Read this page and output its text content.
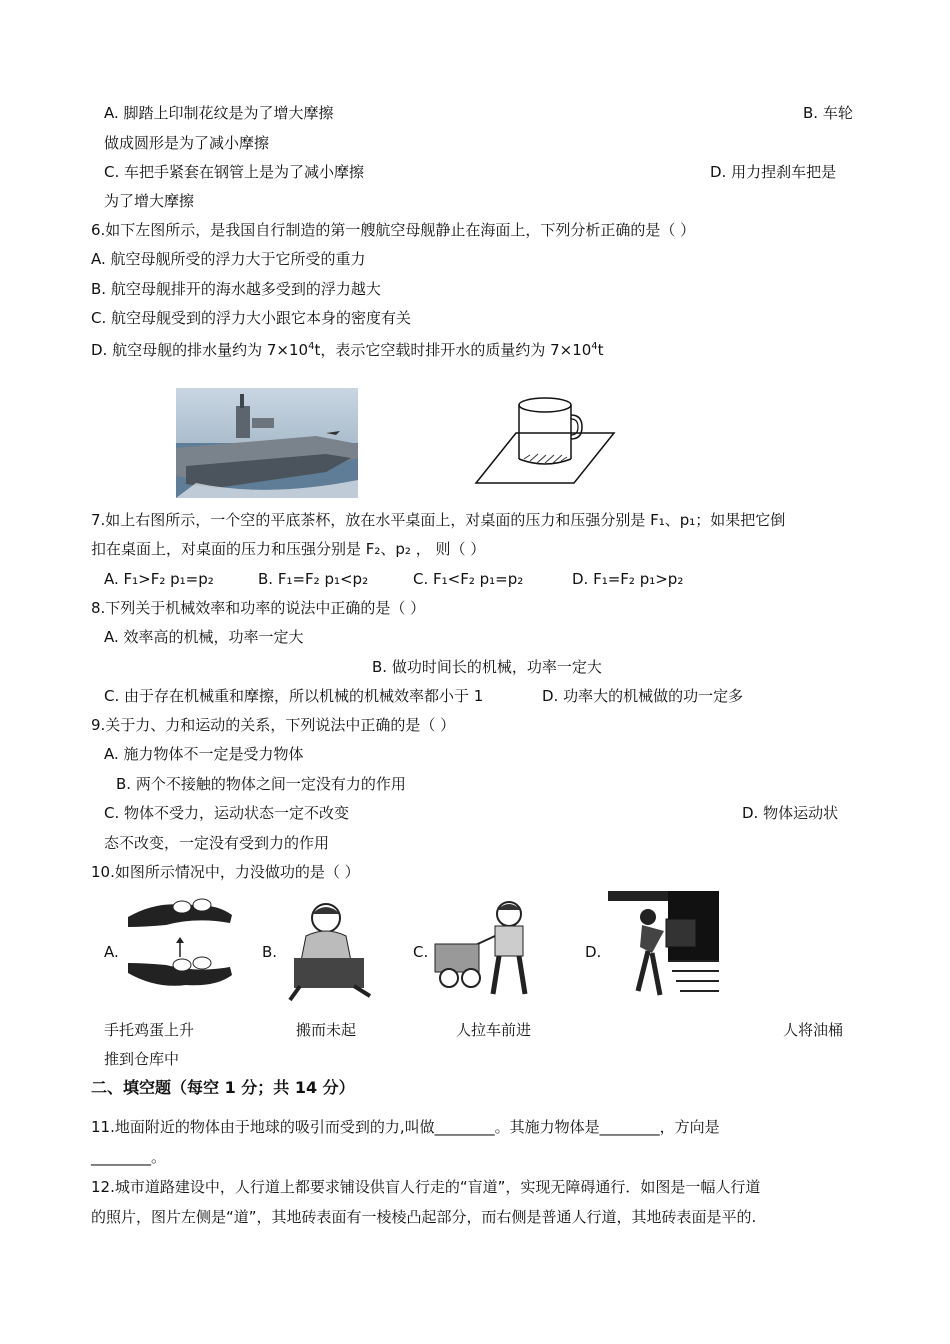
A. 脚踏上印制花纹是为了增大摩擦	B. 车轮
做成圆形是为了减小摩擦
C. 车把手紧套在钢管上是为了减小摩擦	D. 用力捏刹车把是
为了增大摩擦
6.如下左图所示，是我国自行制造的第一艘航空母舰静止在海面上，下列分析正确的是（ ）
A. 航空母舰所受的浮力大于它所受的重力
B. 航空母舰排开的海水越多受到的浮力越大
C. 航空母舰受到的浮力大小跟它本身的密度有关
D. 航空母舰的排水量约为 $7\times 10^4t$，表示它空载时排开水的质量约为 $7\times 10^4t$
7.如上右图所示，一个空的平底茶杯，放在水平桌面上，对桌面的压力和压强分别是 F₁、p₁；如果把它倒
扣在桌面上，对桌面的压力和压强分别是 F₂、p₂ ， 则（ ）
A. F₁>F₂ p₁=p₂	B. F₁=F₂ p₁<p₂	C. F₁<F₂ p₁=p₂	D. F₁=F₂ p₁>p₂
8.下列关于机械效率和功率的说法中正确的是（ ）
A. 效率高的机械，功率一定大
B. 做功时间长的机械，功率一定大
C. 由于存在机械重和摩擦，所以机械的机械效率都小于 1	D. 功率大的机械做的功一定多
9.关于力、力和运动的关系，下列说法中正确的是（ ）
A. 施力物体不一定是受力物体
B. 两个不接触的物体之间一定没有力的作用
C. 物体不受力，运动状态一定不改变	D. 物体运动状
态不改变，一定没有受到力的作用
10.如图所示情况中，力没做功的是（ ）
A.	B.	C.	D.
手托鸡蛋上升	搬而未起	人拉车前进	人将油桶
推到仓库中
二、填空题（每空 1 分；共 14 分）
11.地面附近的物体由于地球的吸引而受到的力,叫做________。其施力物体是________，方向是
________。
12.城市道路建设中，人行道上都要求铺设供盲人行走的“盲道”，实现无障碍通行．如图是一幅人行道
的照片，图片左侧是“道”，其地砖表面有一棱棱凸起部分，而右侧是普通人行道，其地砖表面是平的.
